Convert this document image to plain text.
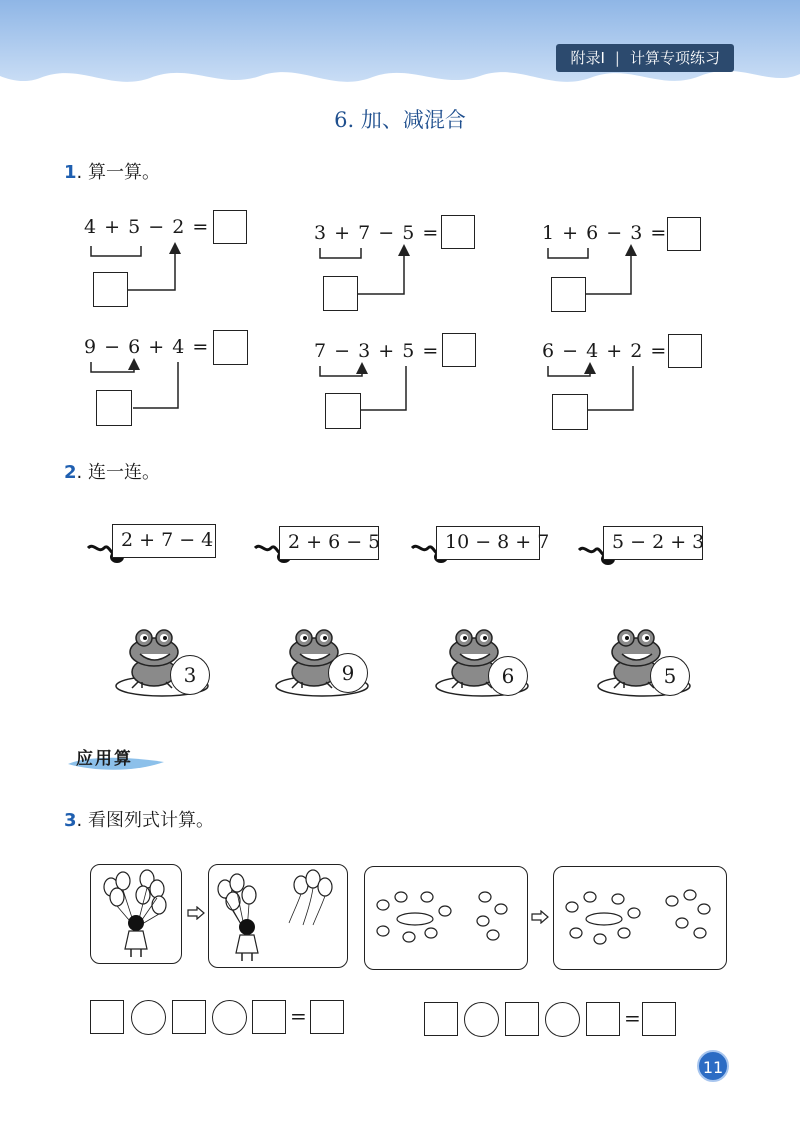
附录Ⅰ | 计算专项练习
6. 加、减混合
1. 算一算。
4 + 5 − 2 =	3 + 7 − 5 =	1 + 6 − 3 =
9 − 6 + 4 =	7 − 3 + 5 =	6 − 4 + 2 =
2. 连一连。
2 + 7 − 4	2 + 6 − 5	10 − 8 + 7	5 − 2 + 3
3	9	6	5
应用算
3. 看图列式计算。
=	=
11
